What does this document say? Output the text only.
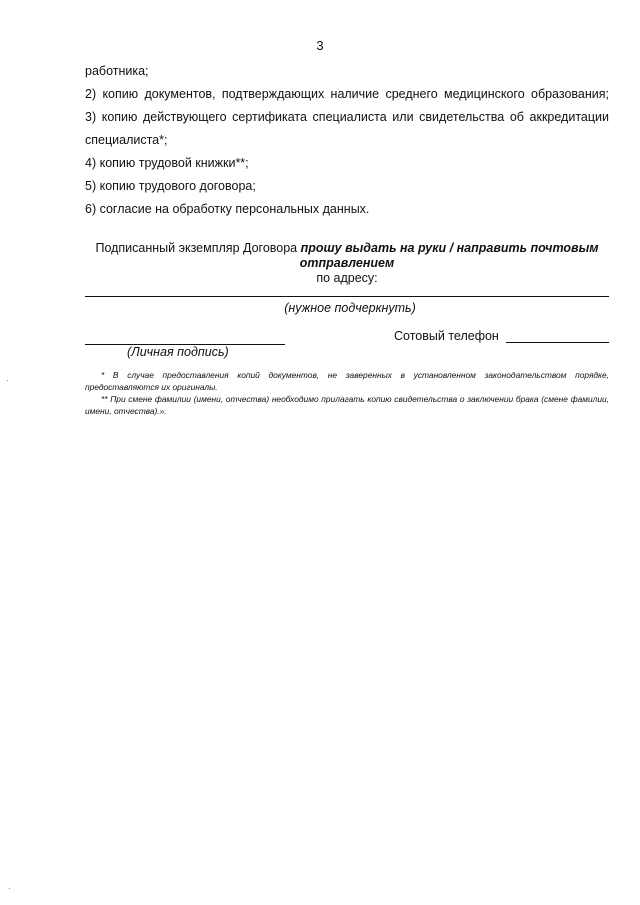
3
работника;
2) копию документов, подтверждающих наличие среднего медицинского образования;
3) копию действующего сертификата специалиста или свидетельства об аккредитации
специалиста*;
4) копию трудовой книжки**;
5) копию трудового договора;
6) согласие на обработку персональных данных.
Подписанный экземпляр Договора прошу выдать на руки / направить почтовым
отправлением
по адресу:
(нужное подчеркнуть)
Сотовый телефон
(Личная подпись)
* В случае предоставления копий документов, не заверенных в установленном законодательством порядке, предоставляются их оригиналы.
** При смене фамилии (имени, отчества) необходимо прилагать копию свидетельства о заключении брака (смене фамилии, имени, отчества).».
